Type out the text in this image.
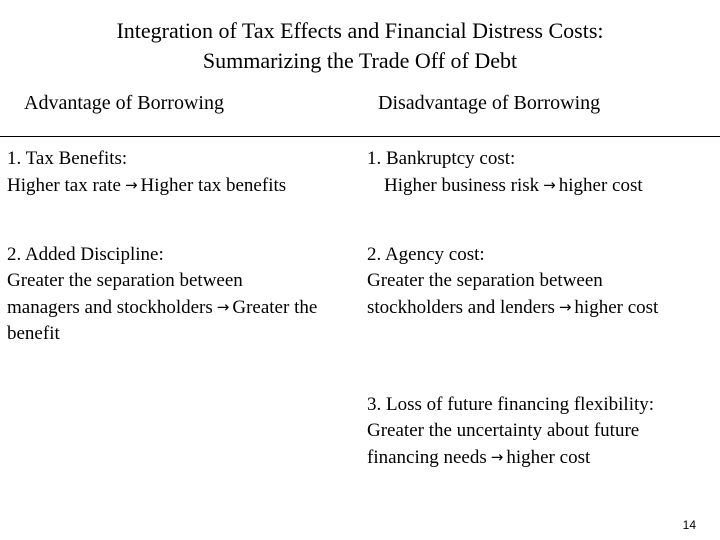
Integration of Tax Effects and Financial Distress Costs:
Summarizing the Trade Off of Debt
Advantage of Borrowing	Disadvantage of Borrowing
1. Tax Benefits:
Higher tax rate → Higher tax benefits
2. Added Discipline:
Greater the separation between
managers and stockholders → Greater the benefit
1. Bankruptcy cost:
Higher business risk → higher cost
2. Agency cost:
Greater the separation between
stockholders and lenders → higher cost
3. Loss of future financing flexibility:
Greater the uncertainty about future
financing needs → higher cost
14
